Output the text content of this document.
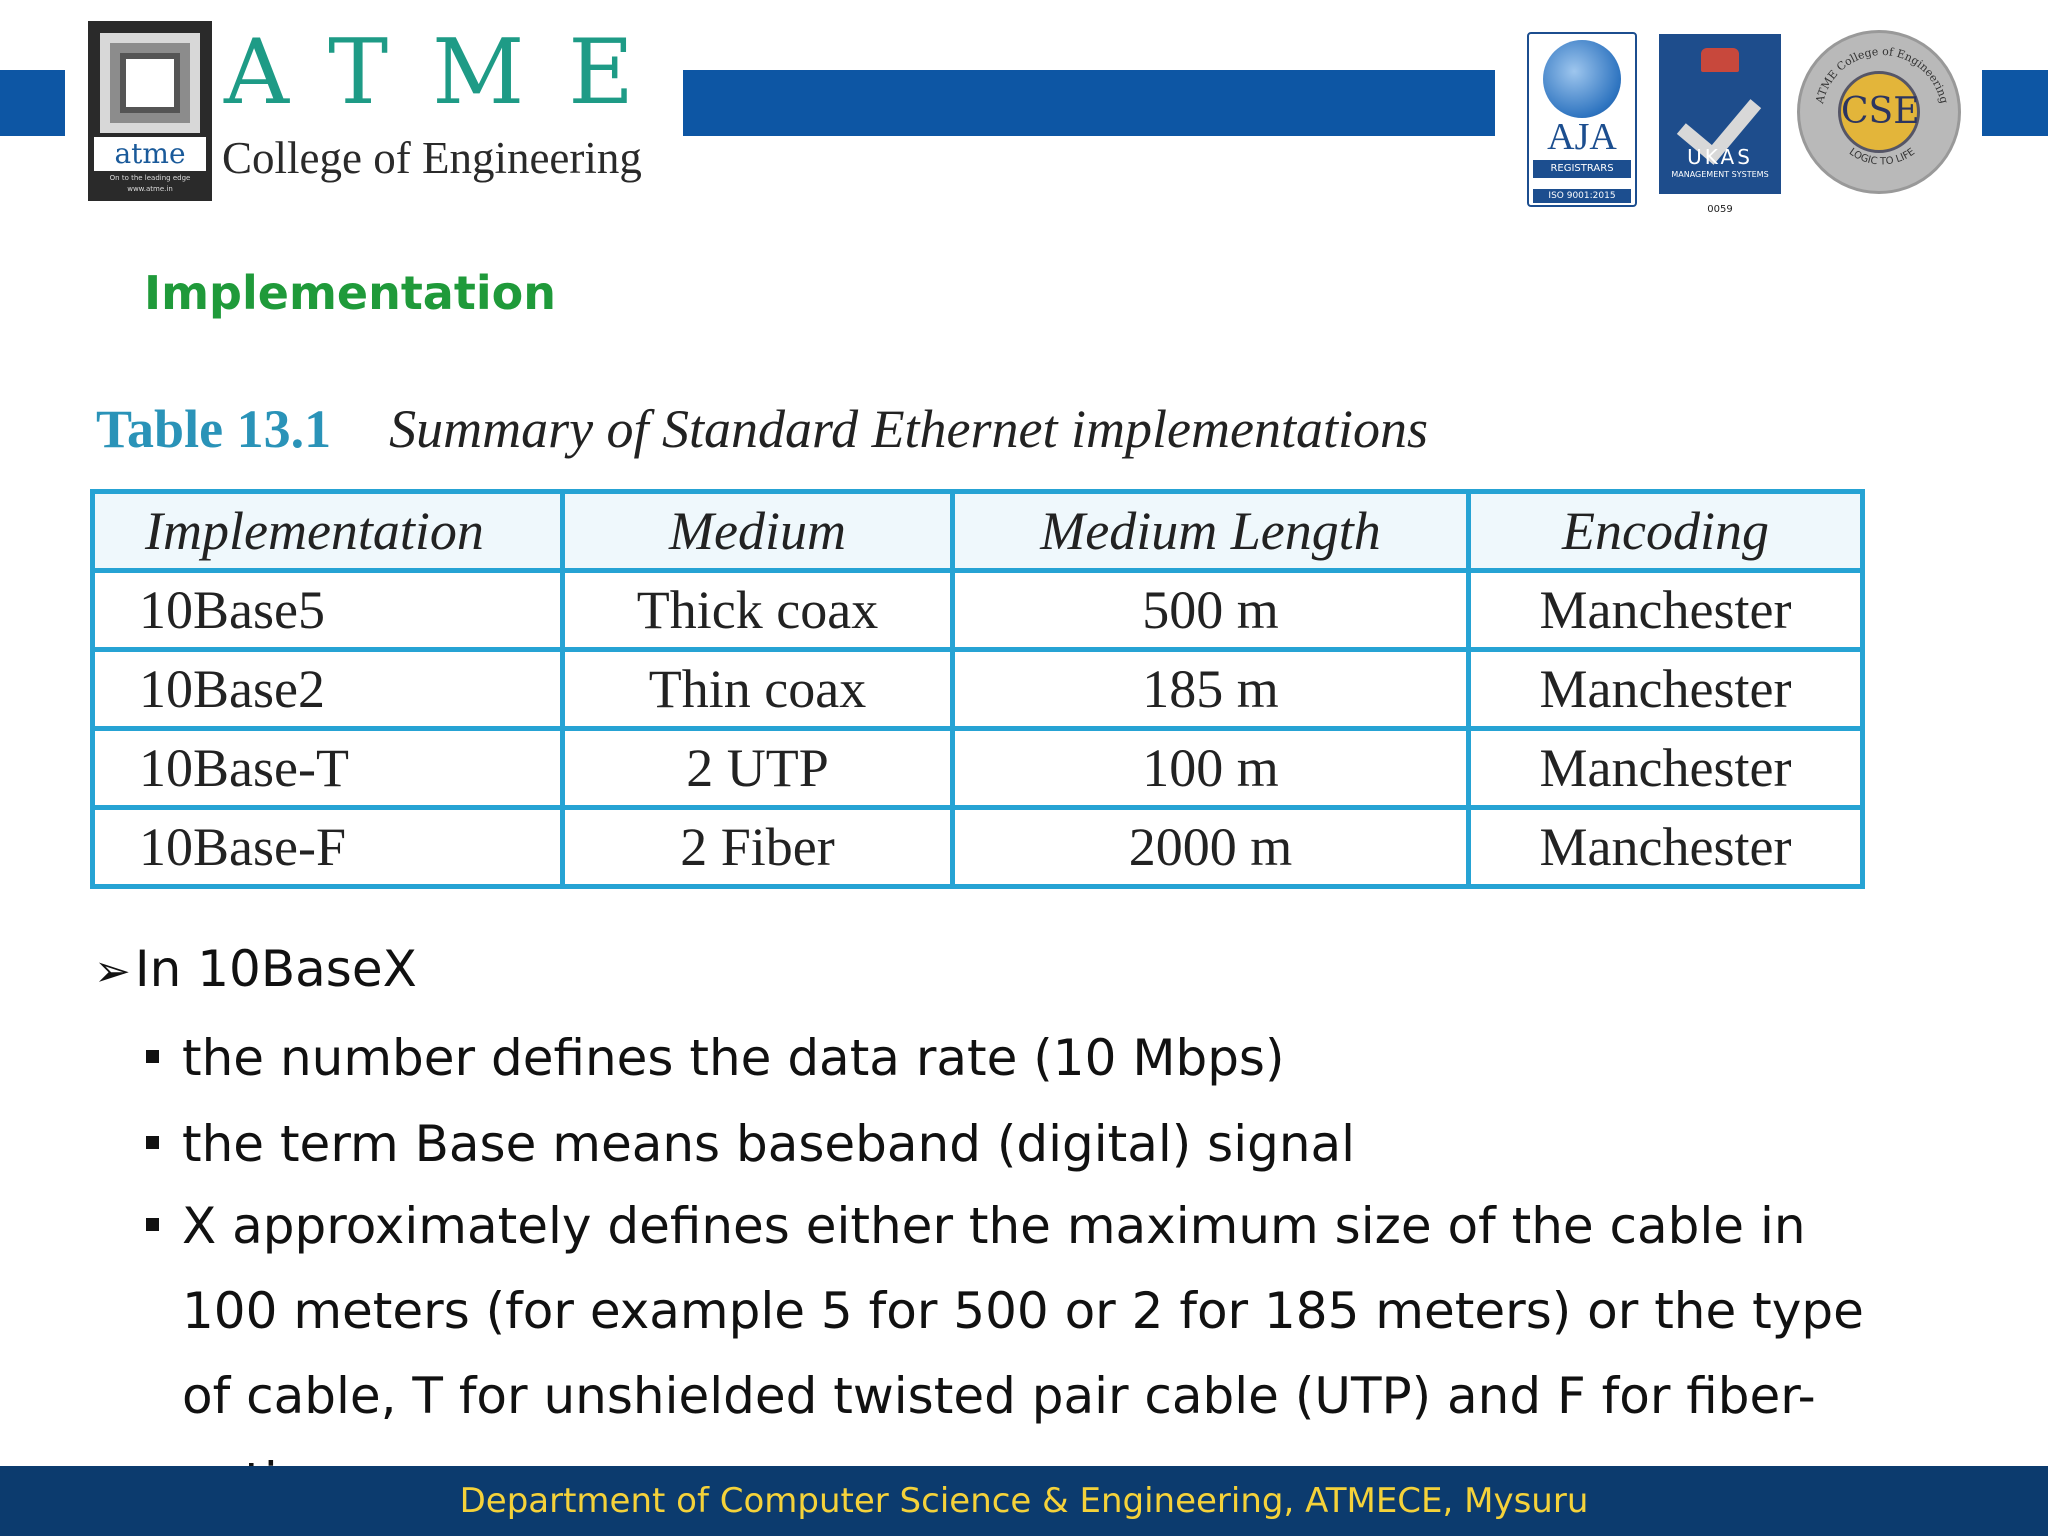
atme
On to the leading edge
www.atme.in
ATME
College of Engineering	AJA
REGISTRARS
ISO 9001:2015
UKAS
MANAGEMENT SYSTEMS
0059
ATME College of Engineering
LOGIC TO LIFE
CSE
Implementation
Table 13.1 Summary of Standard Ethernet implementations
Implementation	Medium	Medium Length	Encoding
10Base5	Thick coax	500 m	Manchester
10Base2	Thin coax	185 m	Manchester
10Base-T	2 UTP	100 m	Manchester
10Base-F	2 Fiber	2000 m	Manchester
➢In 10BaseX
the number defines the data rate (10 Mbps)
the term Base means baseband (digital) signal
X approximately defines either the maximum size of the cable in 100 meters (for example 5 for 500 or 2 for 185 meters) or the type of cable, T for unshielded twisted pair cable (UTP) and F for fiber-
Department of Computer Science & Engineering, ATMECE, Mysuru
